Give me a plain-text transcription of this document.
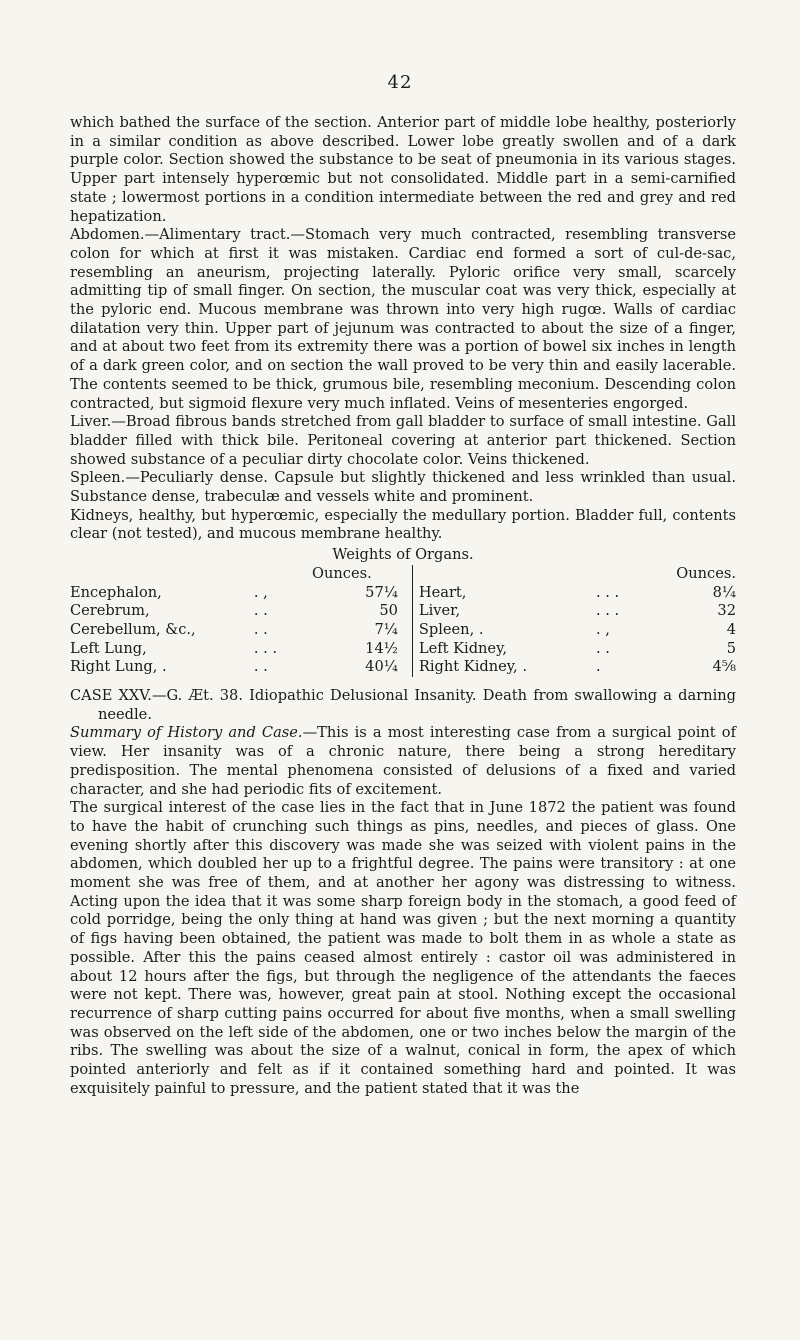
42

which bathed the surface of the section. Anterior part of middle lobe healthy, posteriorly in a similar condition as above described. Lower lobe greatly swollen and of a dark purple color. Section showed the substance to be seat of pneumonia in its various stages. Upper part intensely hyperœmic but not consolidated. Middle part in a semi-carnified state ; lowermost portions in a condition intermediate between the red and grey and red hepatization.

Abdomen.—Alimentary tract.—Stomach very much contracted, resembling transverse colon for which at first it was mistaken. Cardiac end formed a sort of cul-de-sac, resembling an aneurism, projecting laterally. Pyloric orifice very small, scarcely admitting tip of small finger. On section, the muscular coat was very thick, especially at the pyloric end. Mucous membrane was thrown into very high rugœ. Walls of cardiac dilatation very thin. Upper part of jejunum was contracted to about the size of a finger, and at about two feet from its extremity there was a portion of bowel six inches in length of a dark green color, and on section the wall proved to be very thin and easily lacerable. The contents seemed to be thick, grumous bile, resembling meconium. Descending colon contracted, but sigmoid flexure very much inflated. Veins of mesenteries engorged.

Liver.—Broad fibrous bands stretched from gall bladder to surface of small intestine. Gall bladder filled with thick bile. Peritoneal covering at anterior part thickened. Section showed substance of a peculiar dirty chocolate color. Veins thickened.

Spleen.—Peculiarly dense. Capsule but slightly thickened and less wrinkled than usual. Substance dense, trabeculæ and vessels white and prominent.

Kidneys, healthy, but hyperœmic, especially the medullary portion. Bladder full, contents clear (not tested), and mucous membrane healthy.

Weights of Organs.
Ounces.
Encephalon,	. ,	57¼
Cerebrum,	. .	50
Cerebellum, &c.,	. .	7¼
Left Lung,	. . .	14½
Right Lung, .	. .	40¼
Ounces.
Heart,	. . .	8¼
Liver,	. . .	32
Spleen, .	. ,	4
Left Kidney,	. .	5
Right Kidney, .	.	4⅝

CASE XXV.—G. Æt. 38. Idiopathic Delusional Insanity. Death from swallowing a darning needle.

Summary of History and Case.—This is a most interesting case from a surgical point of view. Her insanity was of a chronic nature, there being a strong hereditary predisposition. The mental phenomena consisted of delusions of a fixed and varied character, and she had periodic fits of excitement.

The surgical interest of the case lies in the fact that in June 1872 the patient was found to have the habit of crunching such things as pins, needles, and pieces of glass. One evening shortly after this discovery was made she was seized with violent pains in the abdomen, which doubled her up to a frightful degree. The pains were transitory : at one moment she was free of them, and at another her agony was distressing to witness. Acting upon the idea that it was some sharp foreign body in the stomach, a good feed of cold porridge, being the only thing at hand was given ; but the next morning a quantity of figs having been obtained, the patient was made to bolt them in as whole a state as possible. After this the pains ceased almost entirely : castor oil was administered in about 12 hours after the figs, but through the negligence of the attendants the faeces were not kept. There was, however, great pain at stool. Nothing except the occasional recurrence of sharp cutting pains occurred for about five months, when a small swelling was observed on the left side of the abdomen, one or two inches below the margin of the ribs. The swelling was about the size of a walnut, conical in form, the apex of which pointed anteriorly and felt as if it contained something hard and pointed. It was exquisitely painful to pressure, and the patient stated that it was the
